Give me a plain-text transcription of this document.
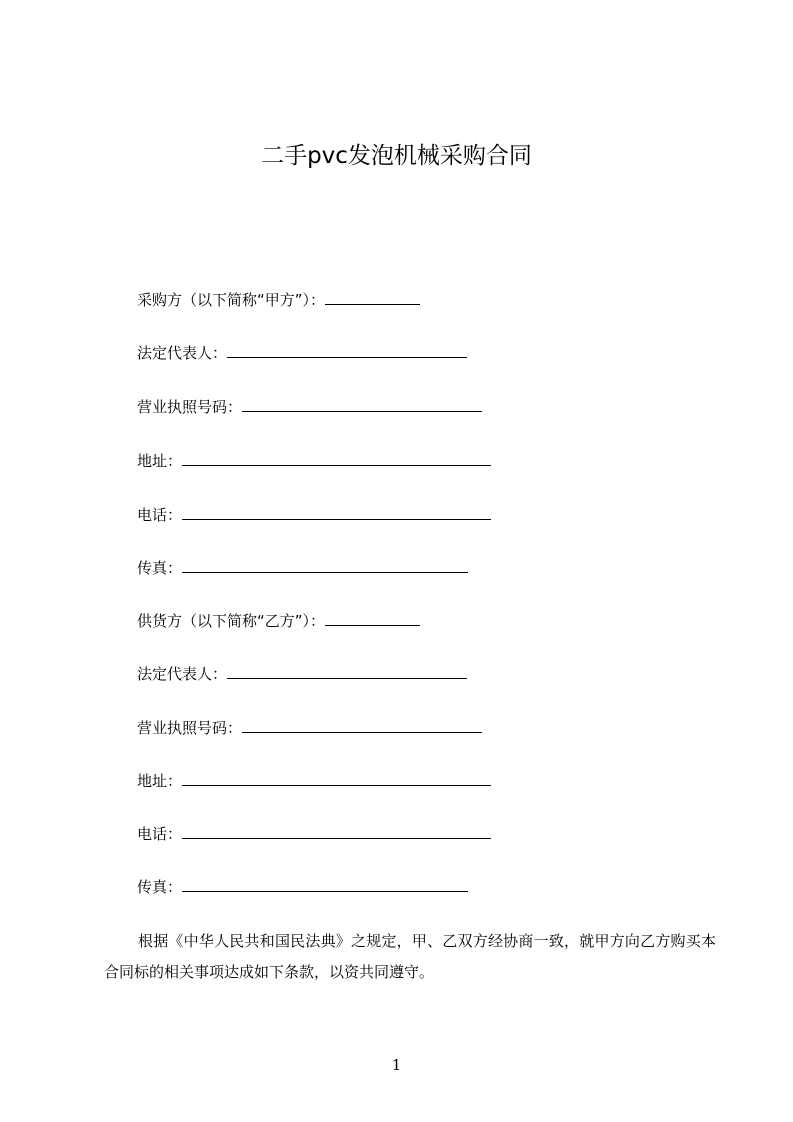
二手pvc发泡机械采购合同
采购方（以下简称“甲方”）：
法定代表人：
营业执照号码：
地址：
电话：
传真：
供货方（以下简称“乙方”）：
法定代表人：
营业执照号码：
地址：
电话：
传真：
根据《中华人民共和国民法典》之规定，甲、乙双方经协商一致，就甲方向乙方购买本合同标的相关事项达成如下条款，以资共同遵守。
1
